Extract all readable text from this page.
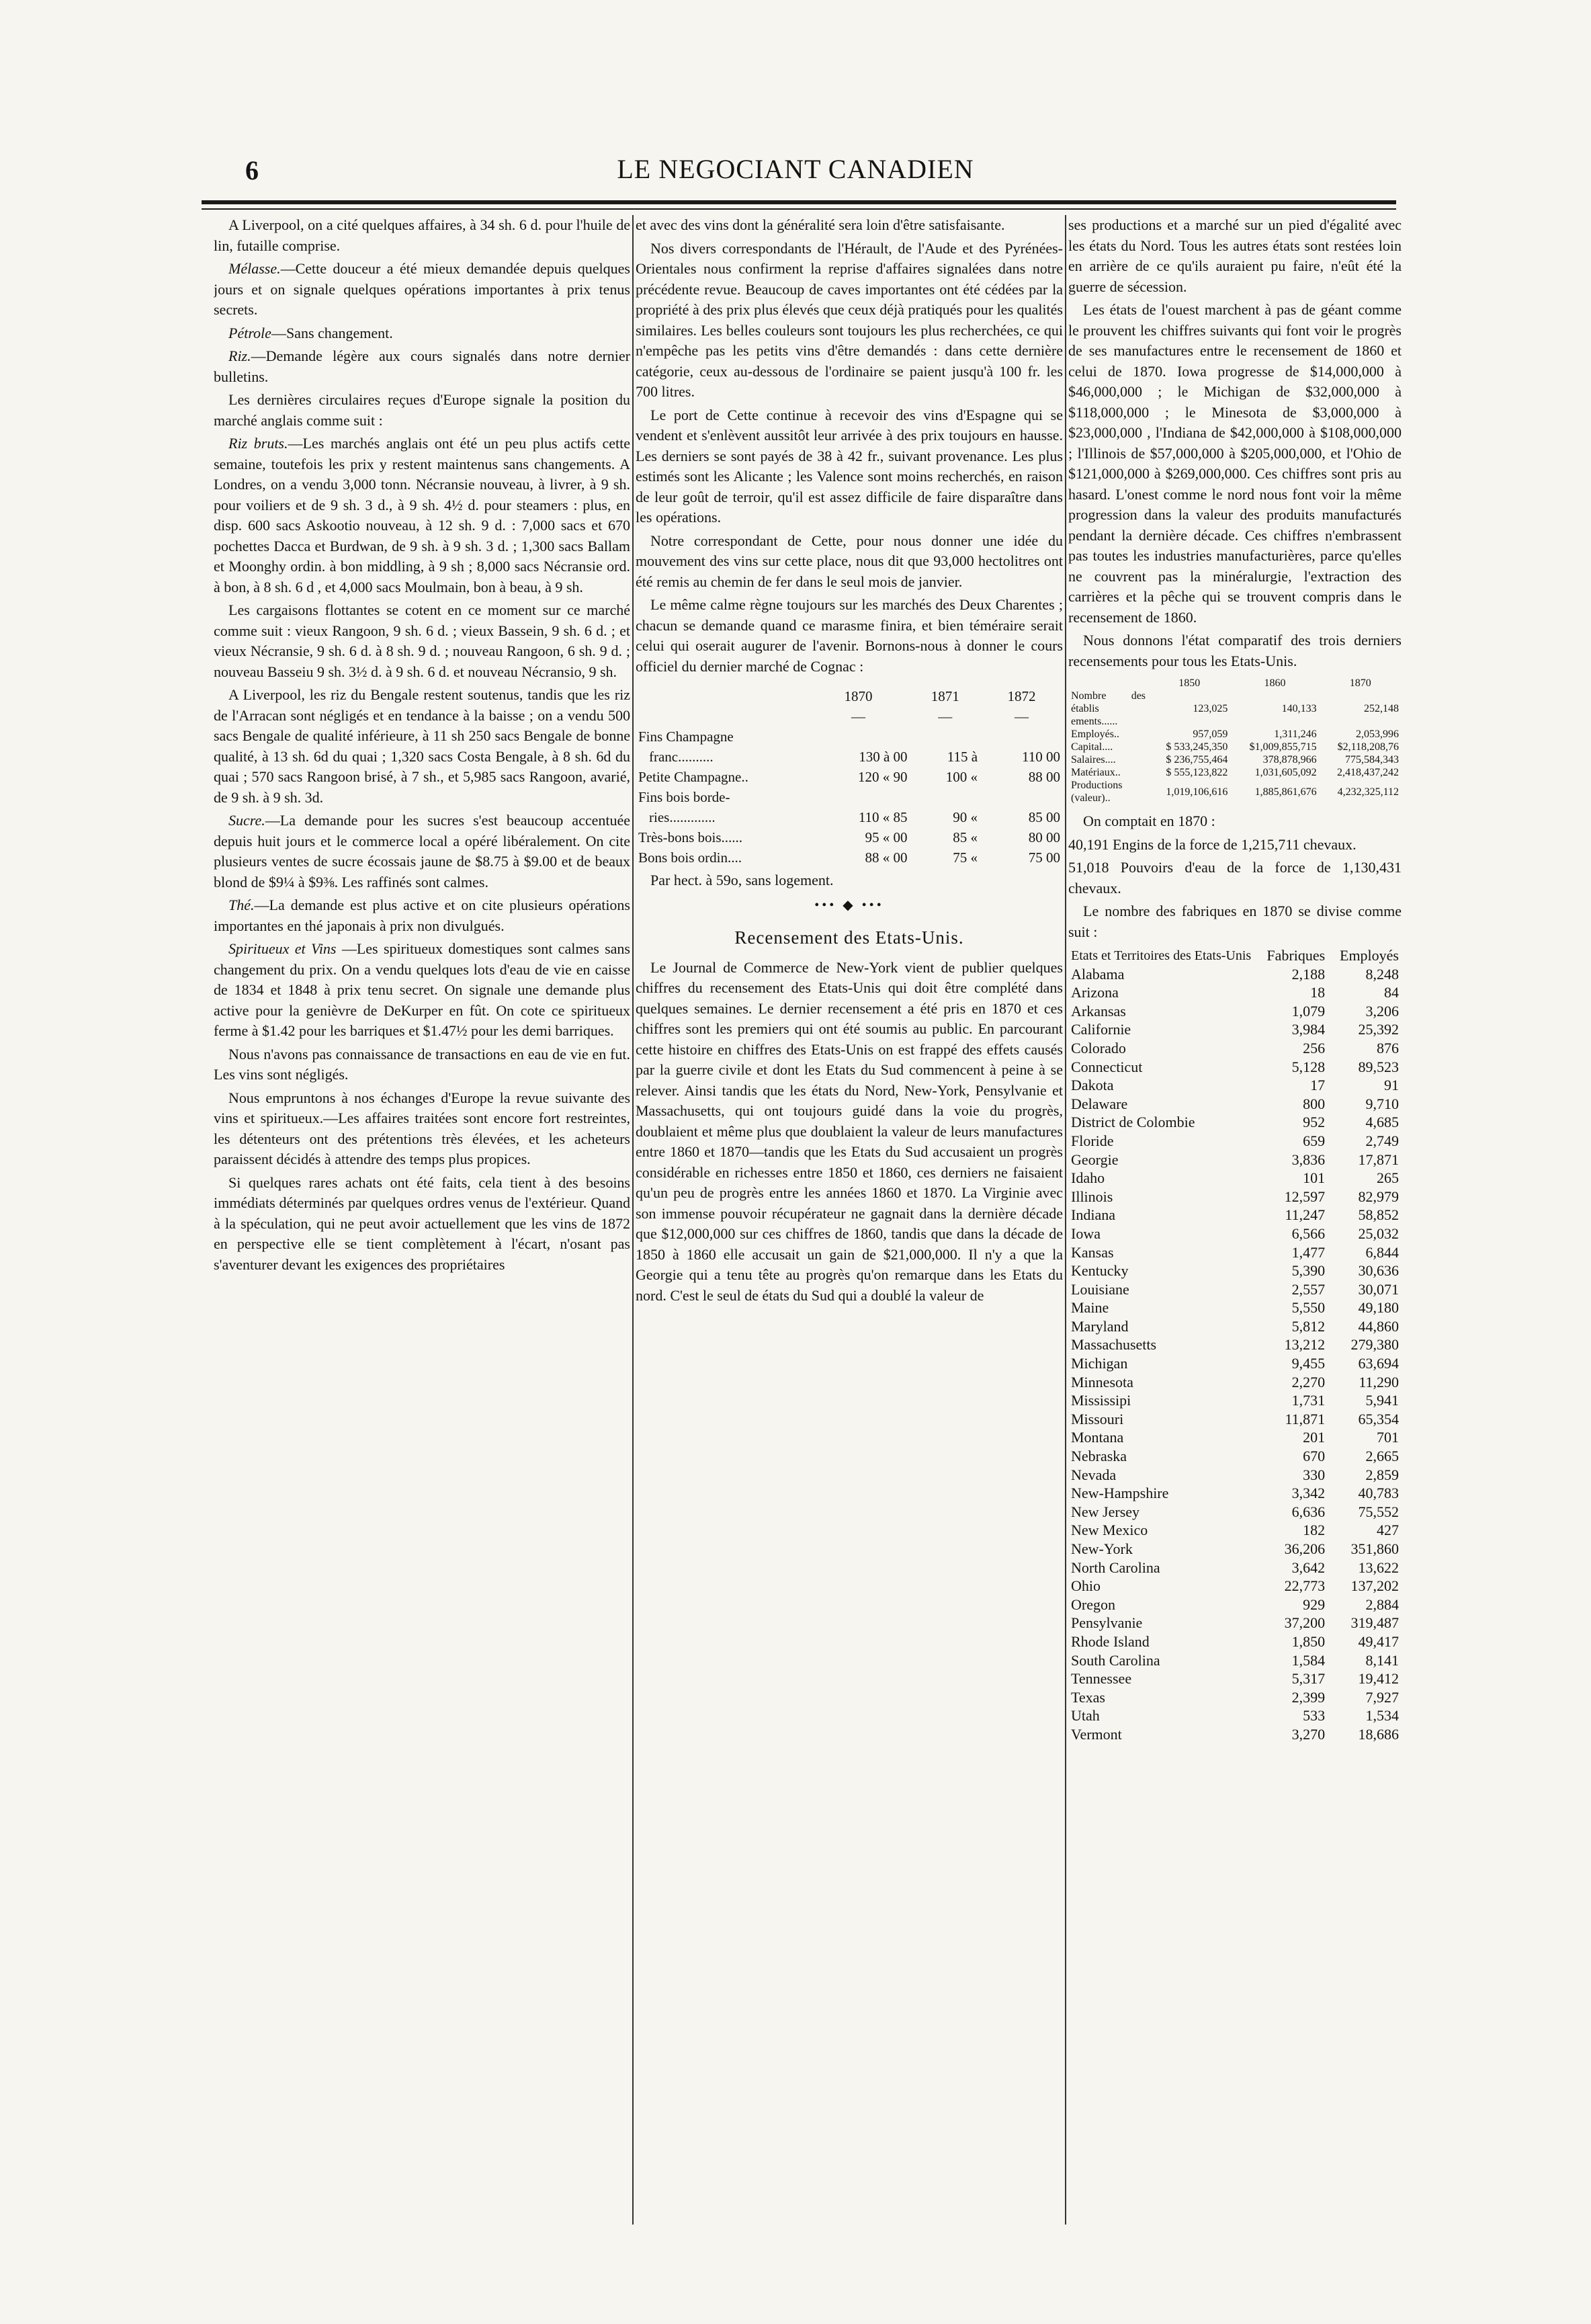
6	LE NEGOCIANT CANADIEN

A Liverpool, on a cité quelques affaires, à 34 sh. 6 d. pour l'huile de lin, futaille comprise.

Mélasse.—Cette douceur a été mieux demandée depuis quelques jours et on signale quelques opérations importantes à prix tenus secrets.

Pétrole—Sans changement.

Riz.—Demande légère aux cours signalés dans notre dernier bulletins.

Les dernières circulaires reçues d'Europe signale la position du marché anglais comme suit :

Riz bruts.—Les marchés anglais ont été un peu plus actifs cette semaine, toutefois les prix y restent maintenus sans changements. A Londres, on a vendu 3,000 tonn. Nécransie nouveau, à livrer, à 9 sh. pour voiliers et de 9 sh. 3 d., à 9 sh. 4½ d. pour steamers : plus, en disp. 600 sacs Askootio nouveau, à 12 sh. 9 d. : 7,000 sacs et 670 pochettes Dacca et Burdwan, de 9 sh. à 9 sh. 3 d. ; 1,300 sacs Ballam et Moonghy ordin. à bon middling, à 9 sh ; 8,000 sacs Nécransie ord. à bon, à 8 sh. 6 d , et 4,000 sacs Moulmain, bon à beau, à 9 sh.

Les cargaisons flottantes se cotent en ce moment sur ce marché comme suit : vieux Rangoon, 9 sh. 6 d. ; vieux Bassein, 9 sh. 6 d. ; et vieux Nécransie, 9 sh. 6 d. à 8 sh. 9 d. ; nouveau Rangoon, 6 sh. 9 d. ; nouveau Basseiu 9 sh. 3½ d. à 9 sh. 6 d. et nouveau Nécransio, 9 sh.

A Liverpool, les riz du Bengale restent soutenus, tandis que les riz de l'Arracan sont négligés et en tendance à la baisse ; on a vendu 500 sacs Bengale de qualité inférieure, à 11 sh 250 sacs Bengale de bonne qualité, à 13 sh. 6d du quai ; 1,320 sacs Costa Bengale, à 8 sh. 6d du quai ; 570 sacs Rangoon brisé, à 7 sh., et 5,985 sacs Rangoon, avarié, de 9 sh. à 9 sh. 3d.

Sucre.—La demande pour les sucres s'est beaucoup accentuée depuis huit jours et le commerce local a opéré libéralement. On cite plusieurs ventes de sucre écossais jaune de $8.75 à $9.00 et de beaux blond de $9¼ à $9⅜. Les raffinés sont calmes.

Thé.—La demande est plus active et on cite plusieurs opérations importantes en thé japonais à prix non divulgués.

Spiritueux et Vins —Les spiritueux domestiques sont calmes sans changement du prix. On a vendu quelques lots d'eau de vie en caisse de 1834 et 1848 à prix tenu secret. On signale une demande plus active pour la genièvre de DeKurper en fût. On cote ce spiritueux ferme à $1.42 pour les barriques et $1.47½ pour les demi barriques.

Nous n'avons pas connaissance de transactions en eau de vie en fut. Les vins sont négligés.

Nous empruntons à nos échanges d'Europe la revue suivante des vins et spiritueux.—Les affaires traitées sont encore fort restreintes, les détenteurs ont des prétentions très élevées, et les acheteurs paraissent décidés à attendre des temps plus propices.

Si quelques rares achats ont été faits, cela tient à des besoins immédiats déterminés par quelques ordres venus de l'extérieur. Quand à la spéculation, qui ne peut avoir actuellement que les vins de 1872 en perspective elle se tient complètement à l'écart, n'osant pas s'aventurer devant les exigences des propriétaires

et avec des vins dont la généralité sera loin d'être satisfaisante.

Nos divers correspondants de l'Hérault, de l'Aude et des Pyrénées-Orientales nous confirment la reprise d'affaires signalées dans notre précédente revue. Beaucoup de caves importantes ont été cédées par la propriété à des prix plus élevés que ceux déjà pratiqués pour les qualités similaires. Les belles couleurs sont toujours les plus recherchées, ce qui n'empêche pas les petits vins d'être demandés : dans cette dernière catégorie, ceux au-dessous de l'ordinaire se paient jusqu'à 100 fr. les 700 litres.

Le port de Cette continue à recevoir des vins d'Espagne qui se vendent et s'enlèvent aussitôt leur arrivée à des prix toujours en hausse. Les derniers se sont payés de 38 à 42 fr., suivant provenance. Les plus estimés sont les Alicante ; les Valence sont moins recherchés, en raison de leur goût de terroir, qu'il est assez difficile de faire disparaître dans les opérations.

Notre correspondant de Cette, pour nous donner une idée du mouvement des vins sur cette place, nous dit que 93,000 hectolitres ont été remis au chemin de fer dans le seul mois de janvier.

Le même calme règne toujours sur les marchés des Deux Charentes ; chacun se demande quand ce marasme finira, et bien téméraire serait celui qui oserait augurer de l'avenir. Bornons-nous à donner le cours officiel du dernier marché de Cognac :

	1870	1871	1872
	—	—	—
Fins Champagne			
franc..........	130 à 00	115 à	110 00
Petite Champagne..	120 « 90	100 «	88 00
Fins bois borde-			
ries.............	110 « 85	90 «	85 00
Très-bons bois......	95 « 00	85 «	80 00
Bons bois ordin....	88 « 00	75 «	75 00

Par hect. à 59o, sans logement.

••• ◆ •••
Recensement des Etats-Unis.

Le Journal de Commerce de New-York vient de publier quelques chiffres du recensement des Etats-Unis qui doit être complété dans quelques semaines. Le dernier recensement a été pris en 1870 et ces chiffres sont les premiers qui ont été soumis au public. En parcourant cette histoire en chiffres des Etats-Unis on est frappé des effets causés par la guerre civile et dont les Etats du Sud commencent à peine à se relever. Ainsi tandis que les états du Nord, New-York, Pensylvanie et Massachusetts, qui ont toujours guidé dans la voie du progrès, doublaient et même plus que doublaient la valeur de leurs manufactures entre 1860 et 1870—tandis que les Etats du Sud accusaient un progrès considérable en richesses entre 1850 et 1860, ces derniers ne faisaient qu'un peu de progrès entre les années 1860 et 1870. La Virginie avec son immense pouvoir récupérateur ne gagnait dans la dernière décade que $12,000,000 sur ces chiffres de 1860, tandis que dans la décade de 1850 à 1860 elle accusait un gain de $21,000,000. Il n'y a que la Georgie qui a tenu tête au progrès qu'on remarque dans les Etats du nord. C'est le seul de états du Sud qui a doublé la valeur de

ses productions et a marché sur un pied d'égalité avec les états du Nord. Tous les autres états sont restées loin en arrière de ce qu'ils auraient pu faire, n'eût été la guerre de sécession.

Les états de l'ouest marchent à pas de géant comme le prouvent les chiffres suivants qui font voir le progrès de ses manufactures entre le recensement de 1860 et celui de 1870. Iowa progresse de $14,000,000 à $46,000,000 ; le Michigan de $32,000,000 à $118,000,000 ; le Minesota de $3,000,000 à $23,000,000 , l'Indiana de $42,000,000 à $108,000,000 ; l'Illinois de $57,000,000 à $205,000,000, et l'Ohio de $121,000,000 à $269,000,000. Ces chiffres sont pris au hasard. L'onest comme le nord nous font voir la même progression dans la valeur des produits manufacturés pendant la dernière décade. Ces chiffres n'embrassent pas toutes les industries manufacturières, parce qu'elles ne couvrent pas la minéralurgie, l'extraction des carrières et la pêche qui se trouvent compris dans le recensement de 1860.

Nous donnons l'état comparatif des trois derniers recensements pour tous les Etats-Unis.

	1850	1860	1870
Nombre des établis ements......	123,025	140,133	252,148
Employés..	957,059	1,311,246	2,053,996
Capital....	$ 533,245,350	$1,009,855,715	$2,118,208,76
Salaires....	$ 236,755,464	378,878,966	775,584,343
Matériaux..	$ 555,123,822	1,031,605,092	2,418,437,242
Productions (valeur)..	1,019,106,616	1,885,861,676	4,232,325,112

On comptait en 1870 :

40,191 Engins de la force de 1,215,711 chevaux.

51,018 Pouvoirs d'eau de la force de 1,130,431 chevaux.

Le nombre des fabriques en 1870 se divise comme suit :

Etats et Territoires des Etats-Unis	Fabriques	Employés
Alabama	2,188	8,248
Arizona	18	84
Arkansas	1,079	3,206
Californie	3,984	25,392
Colorado	256	876
Connecticut	5,128	89,523
Dakota	17	91
Delaware	800	9,710
District de Colombie	952	4,685
Floride	659	2,749
Georgie	3,836	17,871
Idaho	101	265
Illinois	12,597	82,979
Indiana	11,247	58,852
Iowa	6,566	25,032
Kansas	1,477	6,844
Kentucky	5,390	30,636
Louisiane	2,557	30,071
Maine	5,550	49,180
Maryland	5,812	44,860
Massachusetts	13,212	279,380
Michigan	9,455	63,694
Minnesota	2,270	11,290
Mississipi	1,731	5,941
Missouri	11,871	65,354
Montana	201	701
Nebraska	670	2,665
Nevada	330	2,859
New-Hampshire	3,342	40,783
New Jersey	6,636	75,552
New Mexico	182	427
New-York	36,206	351,860
North Carolina	3,642	13,622
Ohio	22,773	137,202
Oregon	929	2,884
Pensylvanie	37,200	319,487
Rhode Island	1,850	49,417
South Carolina	1,584	8,141
Tennessee	5,317	19,412
Texas	2,399	7,927
Utah	533	1,534
Vermont	3,270	18,686
